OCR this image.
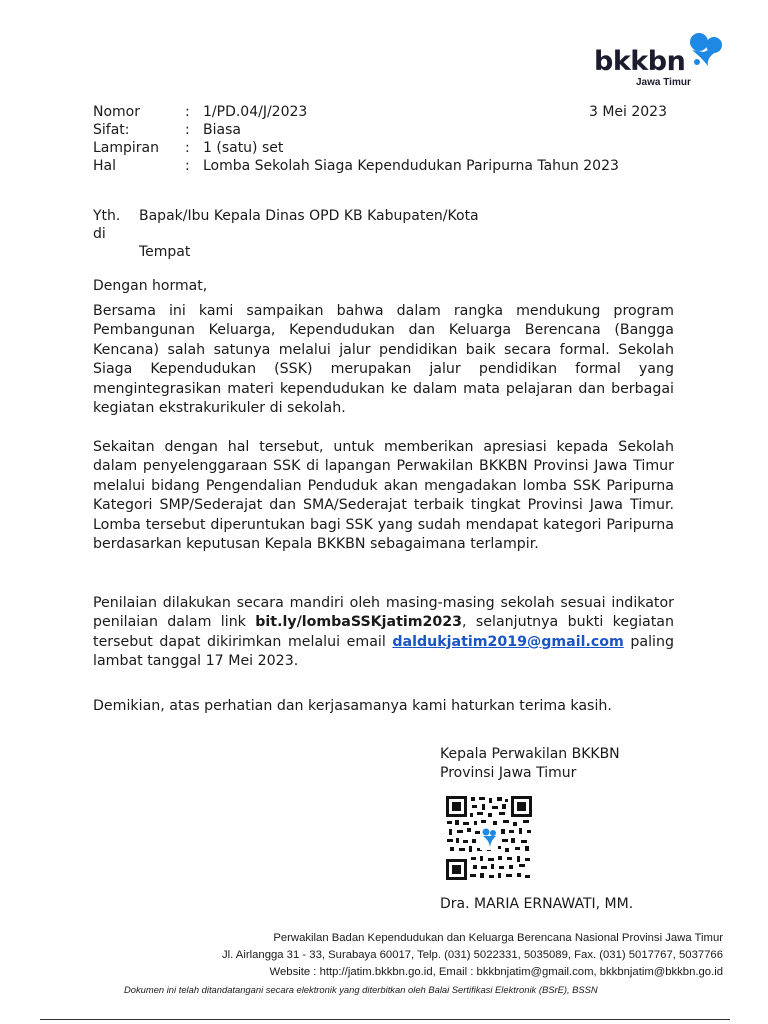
bkkbn
Jawa Timur
Nomor	: 1/PD.04/J/2023	3 Mei 2023
Sifat:	: Biasa
Lampiran : 1 (satu) set
Hal	: Lomba Sekolah Siaga Kependudukan Paripurna Tahun 2023
Yth. Bapak/Ibu Kepala Dinas OPD KB Kabupaten/Kota
di
Tempat
Dengan hormat,
Bersama ini kami sampaikan bahwa dalam rangka mendukung program Pembangunan Keluarga, Kependudukan dan Keluarga Berencana (Bangga Kencana) salah satunya melalui jalur pendidikan baik secara formal. Sekolah Siaga Kependudukan (SSK) merupakan jalur pendidikan formal yang mengintegrasikan materi kependudukan ke dalam mata pelajaran dan berbagai kegiatan ekstrakurikuler di sekolah.
Sekaitan dengan hal tersebut, untuk memberikan apresiasi kepada Sekolah dalam penyelenggaraan SSK di lapangan Perwakilan BKKBN Provinsi Jawa Timur melalui bidang Pengendalian Penduduk akan mengadakan lomba SSK Paripurna Kategori SMP/Sederajat dan SMA/Sederajat terbaik tingkat Provinsi Jawa Timur. Lomba tersebut diperuntukan bagi SSK yang sudah mendapat kategori Paripurna berdasarkan keputusan Kepala BKKBN sebagaimana terlampir.
Penilaian dilakukan secara mandiri oleh masing-masing sekolah sesuai indikator penilaian dalam link bit.ly/lombaSSKjatim2023, selanjutnya bukti kegiatan tersebut dapat dikirimkan melalui email daldukjatim2019@gmail.com paling lambat tanggal 17 Mei 2023.
Demikian, atas perhatian dan kerjasamanya kami haturkan terima kasih.
Kepala Perwakilan BKKBN
Provinsi Jawa Timur
Dra. MARIA ERNAWATI, MM.
Perwakilan Badan Kependudukan dan Keluarga Berencana Nasional Provinsi Jawa Timur
Jl. Airlangga 31 - 33, Surabaya 60017, Telp. (031) 5022331, 5035089, Fax. (031) 5017767, 5037766
Website : http://jatim.bkkbn.go.id, Email : bkkbnjatim@gmail.com, bkkbnjatim@bkkbn.go.id
Dokumen ini telah ditandatangani secara elektronik yang diterbitkan oleh Balai Sertifikasi Elektronik (BSrE), BSSN
